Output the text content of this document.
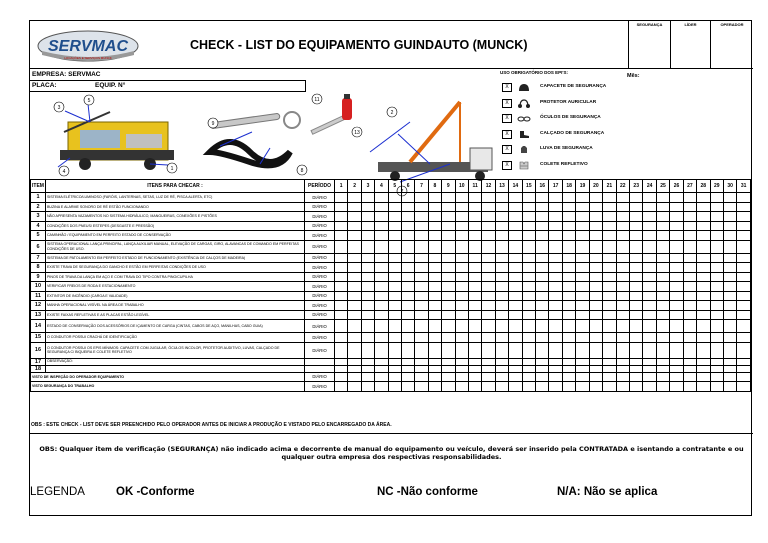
SERVMAC
LOCAÇÕES E SERVIÇOS MUNCK
CHECK - LIST DO EQUIPAMENTO GUINDAUTO (MUNCK)
SEGURANÇA	LÍDER	OPERADOR
EMPRESA: SERVMAC
PLACA:	EQUIP. N°
3
5
4	1
9
8
11
13
2
7
USO OBRIGATÓRIO DOS EPI'S:
Mês:
X	CAPACETE DE SEGURANÇA
X	PROTETOR AURICULAR
X	ÓCULOS DE SEGURANÇA
X	CALÇADO DE SEGURANÇA
X	LUVA DE SEGURANÇA
X	COLETE REFLETIVO
ITEM	ITENS PARA CHECAR :	PERÍODO	1	2	3	4	5	6	7	8	9	10	11	12	13	14	15	16	17	18	19	20	21	22	23	24	25	26	27	28	29	30	31
1	SISTEMA ELÉTRICO/LUMINOSO (FARÓIS, LANTERNAS, SETAS, LUZ DE RÉ, PISCA ALERTA, ETC)	DIÁRIO																															
2	BUZINA E ALARME SONORO DE RÉ ESTÃO FUNCIONANDO	DIÁRIO																															
3	NÃO APRESENTA VAZAMENTOS NO SISTEMA HIDRÁULICO, MANGUEIRAS, CONEXÕES E PISTÕES	DIÁRIO																															
4	CONDIÇÕES DOS PNEUS/ ESTEPES (DESGASTE E PRESSÃO)	DIÁRIO																															
5	CAMINHÃO / EQUIPAMENTO EM PERFEITO ESTADO DE CONSERVAÇÃO	DIÁRIO																															
6	SISTEMA OPERACIONAL LANÇA PRINCIPAL, LANÇA AUXILIAR MANUAL, ELEVAÇÃO DE CARGAS, GIRO, ALAVANCAS DE COMANDO EM PERFEITAS CONDIÇÕES DE USO.	DIÁRIO																															
7	SISTEMA DE PATOLAMENTO EM PERFEITO ESTADO DE FUNCIONAMENTO (EXISTÊNCIA DE CALÇOS DE MADEIRA)	DIÁRIO																															
8	EXISTE TRAVA DE SEGURANÇA DO GANCHO E ESTÃO EM PERFEITAS CONDIÇÕES DE USO	DIÁRIO																															
9	PINOS DE TRAVA DA LANÇA EM AÇO E COM TRAVA DO TIPO CONTRA PINO/CUPILHA	DIÁRIO																															
10	VERIFICAR FREIOS DE RODA E ESTACIONAMENTO	DIÁRIO																															
11	EXTINTOR DE INCÊNDIO (CARGA E VALIDADE)	DIÁRIO																															
12	MANHA OPERACIONAL VISÍVEL NA ÁREA DE TRABALHO	DIÁRIO																															
13	EXISTE FAIXAS REFLETIVAS E AS PLACAS ESTÃO LEGÍVEL	DIÁRIO																															
14	ESTADO DE CONSERVAÇÃO DOS ACESSÓRIOS DE IÇAMENTO DE CARGA (CINTAS, CABOS DE AÇO, MANILHAS, CABO GUIA)	DIÁRIO																															
15	O CONDUTOR POSSUI CRACHÁ DE IDENTIFICAÇÃO	DIÁRIO																															
16	O CONDUTOR POSSUI OS EPIS MÍNIMOS: CAPACETE COM JUGULAR, ÓCULOS INCOLOR, PROTETOR AUDITIVO, LUVAS, CALÇADO DE SEGURANÇA C/ BIQUEIRA E COLETE REFLETIVO	DIÁRIO																															
17	OBSERVAÇÃO:																																
18																																	
VISTO DE INSPEÇÃO DO OPERADOR EQUIPAMENTO		DIÁRIO																															
VISTO SEGURANÇA DO TRABALHO		DIÁRIO																															
OBS : ESTE CHECK - LIST DEVE SER PREENCHIDO PELO OPERADOR ANTES DE INICIAR A PRODUÇÃO E VISTADO PELO ENCARREGADO DA ÁREA.
OBS: Qualquer item de verificação (SEGURANÇA) não indicado acima e decorrente de manual do equipamento ou veículo, deverá ser inserido pela CONTRATADA e isentando a contratante e ou qualquer outra empresa dos respectivas responsabilidades.
LEGENDA	OK -Conforme	NC -Não conforme	N/A: Não se aplica
